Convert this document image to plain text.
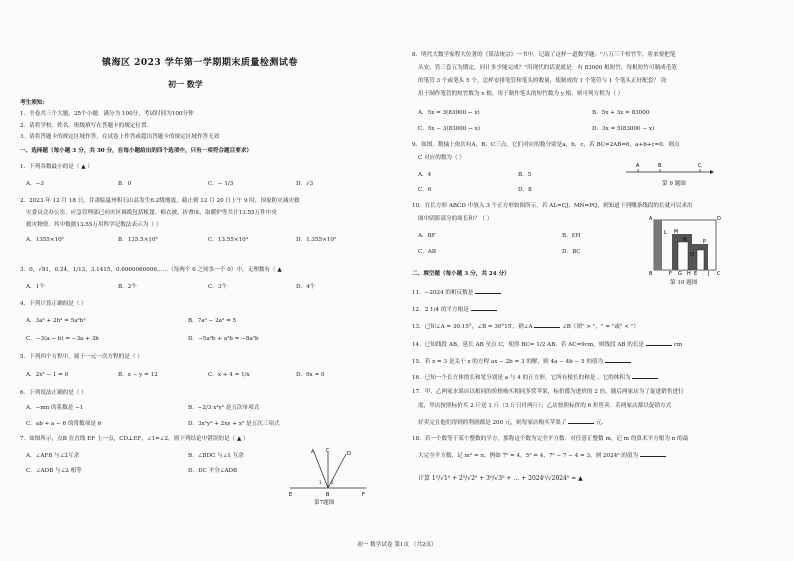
镇海区 2023 学年第一学期期末质量检测试卷
初一 数学
考生须知:
1．全卷共三个大题，25个小题．满分为 100分，考试时间为100分钟
2．请将学校、姓名、班级填写在答题卡的规定位置．
3．请将答题卡的规定区域作答，在试卷上作答或超出答题卡的规定区域作答无效
一、选择题（每小题 3 分，共 30 分，在每小题给出的四个选项中，只有一项符合题目要求）
1．下列各数最小的是（ ▲ ）
A．−3	B．0	C．− 1/3	D．√3
2．2023 年 12 月 18 日，甘肃临夏州积石山县发生6.2级地震，截止到 12 月 20 日上午 9 时，国家防灾减灾救
灾委员会办公室、应急管理部已向灾区调拨包括帐篷、棉衣被、折叠床、取暖炉等共计13.55万件中央
救灾物资．其中数据13.55万用科学记数法表示为（ ）
A．1355×10²	B．135.5×10³	C．13.55×10⁴	D．1.355×10⁵
3．0，√81，0.2̇4̇，1/13，3.1415，0.6060060006……（每两个 6 之间多一个 0）中，无理数有（ ▲
A．1个	B．2个	C．3个	D．4个
4．下列计算正确的是（ ）
A．3a² + 2b² = 5a²b²	B．7a² − 2a² = 5
C．−3(a − b) = −3a + 3b	D．−5a²b + a²b = −8a²b
5．下列四个方程中，属于一元一次方程的是（ ）
A．2x² − 1 = 0	B．x − y = 12	C．x + 4 = 1/x	D．6x = 0
6．下列说法正确的是（ ）
A．−mn 的系数是 −1	B．−2/3 x²y² 是五次单项式
C．ab + a − 6 的常数项是 6	D．3x²y² + 2xy + x² 是五次三项式
7．如图所示，点B 在直线 EF 上一点，CD⊥EF，∠1=∠2，则下列结论中错误的是（ ▲ ）
A．∠AFB 与∠2互余	B．∠BDC 与∠1 互余
C．∠ADB 与∠2 相等	D．DC 平分∠ADB
A C	D
E	B	F
1 2
第7题图
8．明代大数学家程大位著的《算法统宗》一书中，记载了这样一道数学题："八万三千短竹竿，将来要把笔
头安，管三套五为期定，问计多少能完成？"用现代的话说就是：有 83000 根短竹，每根短竹可制成毛笔
的笔管 3 个或笔头 5 个，怎样安排笔管和笔头的数量，使制成的 1 个笔管与 1 个笔头正好配套？ 设
用于制作笔管的短竹数为 x 根，用于制作笔头的短竹数为 y 根，则可列方程为（ ）
A．5x = 3(83000 − x)	B．5x + 3x = 83000
C．5x − 3(83000 − x)	D．3x = 5(83000 − x)
9．如图，数轴上依次有A，B，C三点，它们对应的数分别是a，b，c，若 BC=2AB=6，a+b+c=0．则点
C 对应的数为（ ）
A．4	B．5
C．6	D．8
A	B	C
第 9 题图
10．在长方形 ABCD 中放入 3 个正方形如图所示，若 AL=CJ，MN=PQ，则知道下列哪条线段的长就可以求出
图中阴影部分的周长和？（ ）
A．BF	B．EH
C．AB	D．BC
A	D
B	C
F G H	J
E
M
N	P
Q
L
第 10 题图
二、填空题（每小题 3 分，共 24 分）
11．−2024 的相反数是
12．2 1/4 的平方根是
13．已知∠A = 30.15°，∠B = 30°15′，则∠A	∠B（填" > "，" = "或" < "）
14．已知线段 AB，延长 AB 至点 C，使得 BC= 1/2 AB，若 AC=9cm，则线段 AB 的长是	cm
15．若 x = 3 是关于 x 的方程 ax − 2b = 3 的解，则 4a − 4b − 5 的值为
16．已知一个长方体的长和宽分别是 a 与 4 的正方形，它所有棱长的和是 ，它的体积为
17．甲、乙两家水果店以相同的价格购买相同多筐苹果，标价都为进价的 2 倍，随后两家店为了促进销售进行
度，甲店按照标价买 2 斤送 1 斤（3 斤只付两斤）；乙店按照标价的 6 折售卖．若两家店都以促销方式
好卖完且他们得到的利润都是 200 元，则每家店购买苹果了	元．
18．若一个数等于某个整数的平方，那称这个数为完全平方数．对任意正整数 m，记 m 的算术平方根为 n 的最
大完全平方数，记 m⁰ = n，例如 7⁰ = 4，5⁰ = 4，7⁰ − 7 − 4 = 3，则 2024⁰ 的值为
计算 1⁰/√1⁰ + 2⁰/√2⁰ + 3⁰/√3⁰ + … + 2024⁰/√2024⁰ = ▲
初一 数学试卷 第1页 （共2页）
